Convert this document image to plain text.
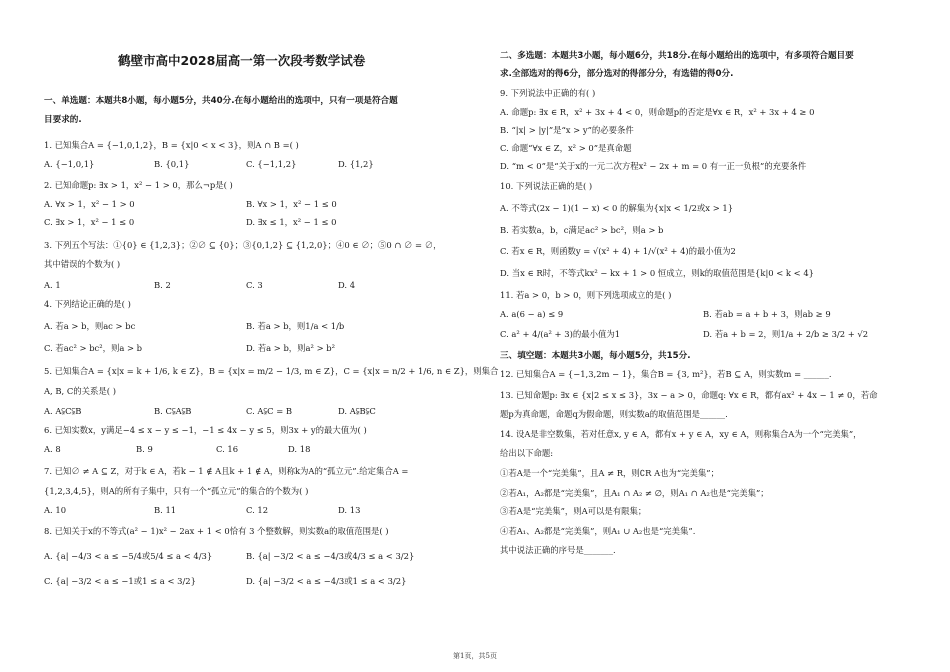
鹤壁市高中2028届高一第一次段考数学试卷
一、单选题：本题共8小题，每小题5分，共40分.在每小题给出的选项中，只有一项是符合题
目要求的.
1. 已知集合A = {−1,0,1,2}，B = {x|0 < x < 3}，则A ∩ B =( )
A. {−1,0,1}	B. {0,1}	C. {−1,1,2}	D. {1,2}
2. 已知命题p: ∃x > 1，x² − 1 > 0，那么¬p是( )
A. ∀x > 1，x² − 1 > 0	B. ∀x > 1，x² − 1 ≤ 0
C. ∃x > 1，x² − 1 ≤ 0	D. ∃x ≤ 1，x² − 1 ≤ 0
3. 下列五个写法：①{0} ∈ {1,2,3}；②∅ ⊆ {0}；③{0,1,2} ⊆ {1,2,0}；④0 ∈ ∅；⑤0 ∩ ∅ = ∅，
其中错误的个数为( )
A. 1	B. 2	C. 3	D. 4
4. 下列结论正确的是( )
A. 若a > b，则ac > bc	B. 若a > b，则1/a < 1/b
C. 若ac² > bc²，则a > b	D. 若a > b，则a² > b²
5. 已知集合A = {x|x = k + 1/6, k ∈ Z}，B = {x|x = m/2 − 1/3, m ∈ Z}，C = {x|x = n/2 + 1/6, n ∈ Z}，则集合
A, B, C的关系是( )
A. A⫋C⫋B	B. C⫋A⫋B	C. A⫋C = B	D. A⫋B⫋C
6. 已知实数x，y满足−4 ≤ x − y ≤ −1，−1 ≤ 4x − y ≤ 5，则3x + y的最大值为( )
A. 8	B. 9	C. 16	D. 18
7. 已知∅ ≠ A ⊆ Z，对于k ∈ A，若k − 1 ∉ A且k + 1 ∉ A，则称k为A的“孤立元”.给定集合A =
{1,2,3,4,5}，则A的所有子集中，只有一个“孤立元”的集合的个数为( )
A. 10	B. 11	C. 12	D. 13
8. 已知关于x的不等式(a² − 1)x² − 2ax + 1 < 0恰有 3 个整数解，则实数a的取值范围是( )
A. {a| −4/3 < a ≤ −5/4或5/4 ≤ a < 4/3}	B. {a| −3/2 < a ≤ −4/3或4/3 ≤ a < 3/2}
C. {a| −3/2 < a ≤ −1或1 ≤ a < 3/2}	D. {a| −3/2 < a ≤ −4/3或1 ≤ a < 3/2}
二、多选题：本题共3小题，每小题6分，共18分.在每小题给出的选项中，有多项符合题目要
求.全部选对的得6分，部分选对的得部分分，有选错的得0分.
9. 下列说法中正确的有( )
A. 命题p: ∃x ∈ R，x² + 3x + 4 < 0，则命题p的否定是∀x ∈ R，x² + 3x + 4 ≥ 0
B. “|x| > |y|”是“x > y”的必要条件
C. 命题“∀x ∈ Z，x² > 0”是真命题
D. “m < 0”是“关于x的一元二次方程x² − 2x + m = 0 有一正一负根”的充要条件
10. 下列说法正确的是( )
A. 不等式(2x − 1)(1 − x) < 0 的解集为{x|x < 1/2或x > 1}
B. 若实数a，b，c满足ac² > bc²，则a > b
C. 若x ∈ R，则函数y = √(x² + 4) + 1/√(x² + 4)的最小值为2
D. 当x ∈ R时，不等式kx² − kx + 1 > 0 恒成立，则k的取值范围是{k|0 < k < 4}
11. 若a > 0，b > 0，则下列选项成立的是( )
A. a(6 − a) ≤ 9	B. 若ab = a + b + 3，则ab ≥ 9
C. a² + 4/(a² + 3)的最小值为1	D. 若a + b = 2，则1/a + 2/b ≥ 3/2 + √2
三、填空题：本题共3小题，每小题5分，共15分.
12. 已知集合A = {−1,3,2m − 1}，集合B = {3, m²}，若B ⊆ A，则实数m = ______.
13. 已知命题p: ∃x ∈ {x|2 ≤ x ≤ 3}，3x − a > 0，命题q: ∀x ∈ R，都有ax² + 4x − 1 ≠ 0，若命
题p为真命题，命题q为假命题，则实数a的取值范围是______.
14. 设A是非空数集，若对任意x, y ∈ A，都有x + y ∈ A，xy ∈ A，则称集合A为一个“完美集”，
给出以下命题:
①若A是一个“完美集”，且A ≠ R，则∁R A也为“完美集”；
②若A₁，A₂都是“完美集”，且A₁ ∩ A₂ ≠ ∅，则A₁ ∩ A₂也是“完美集”；
③若A是“完美集”，则A可以是有限集；
④若A₁、A₂都是“完美集”，则A₁ ∪ A₂也是“完美集”.
其中说法正确的序号是_______.
第1页，共5页
